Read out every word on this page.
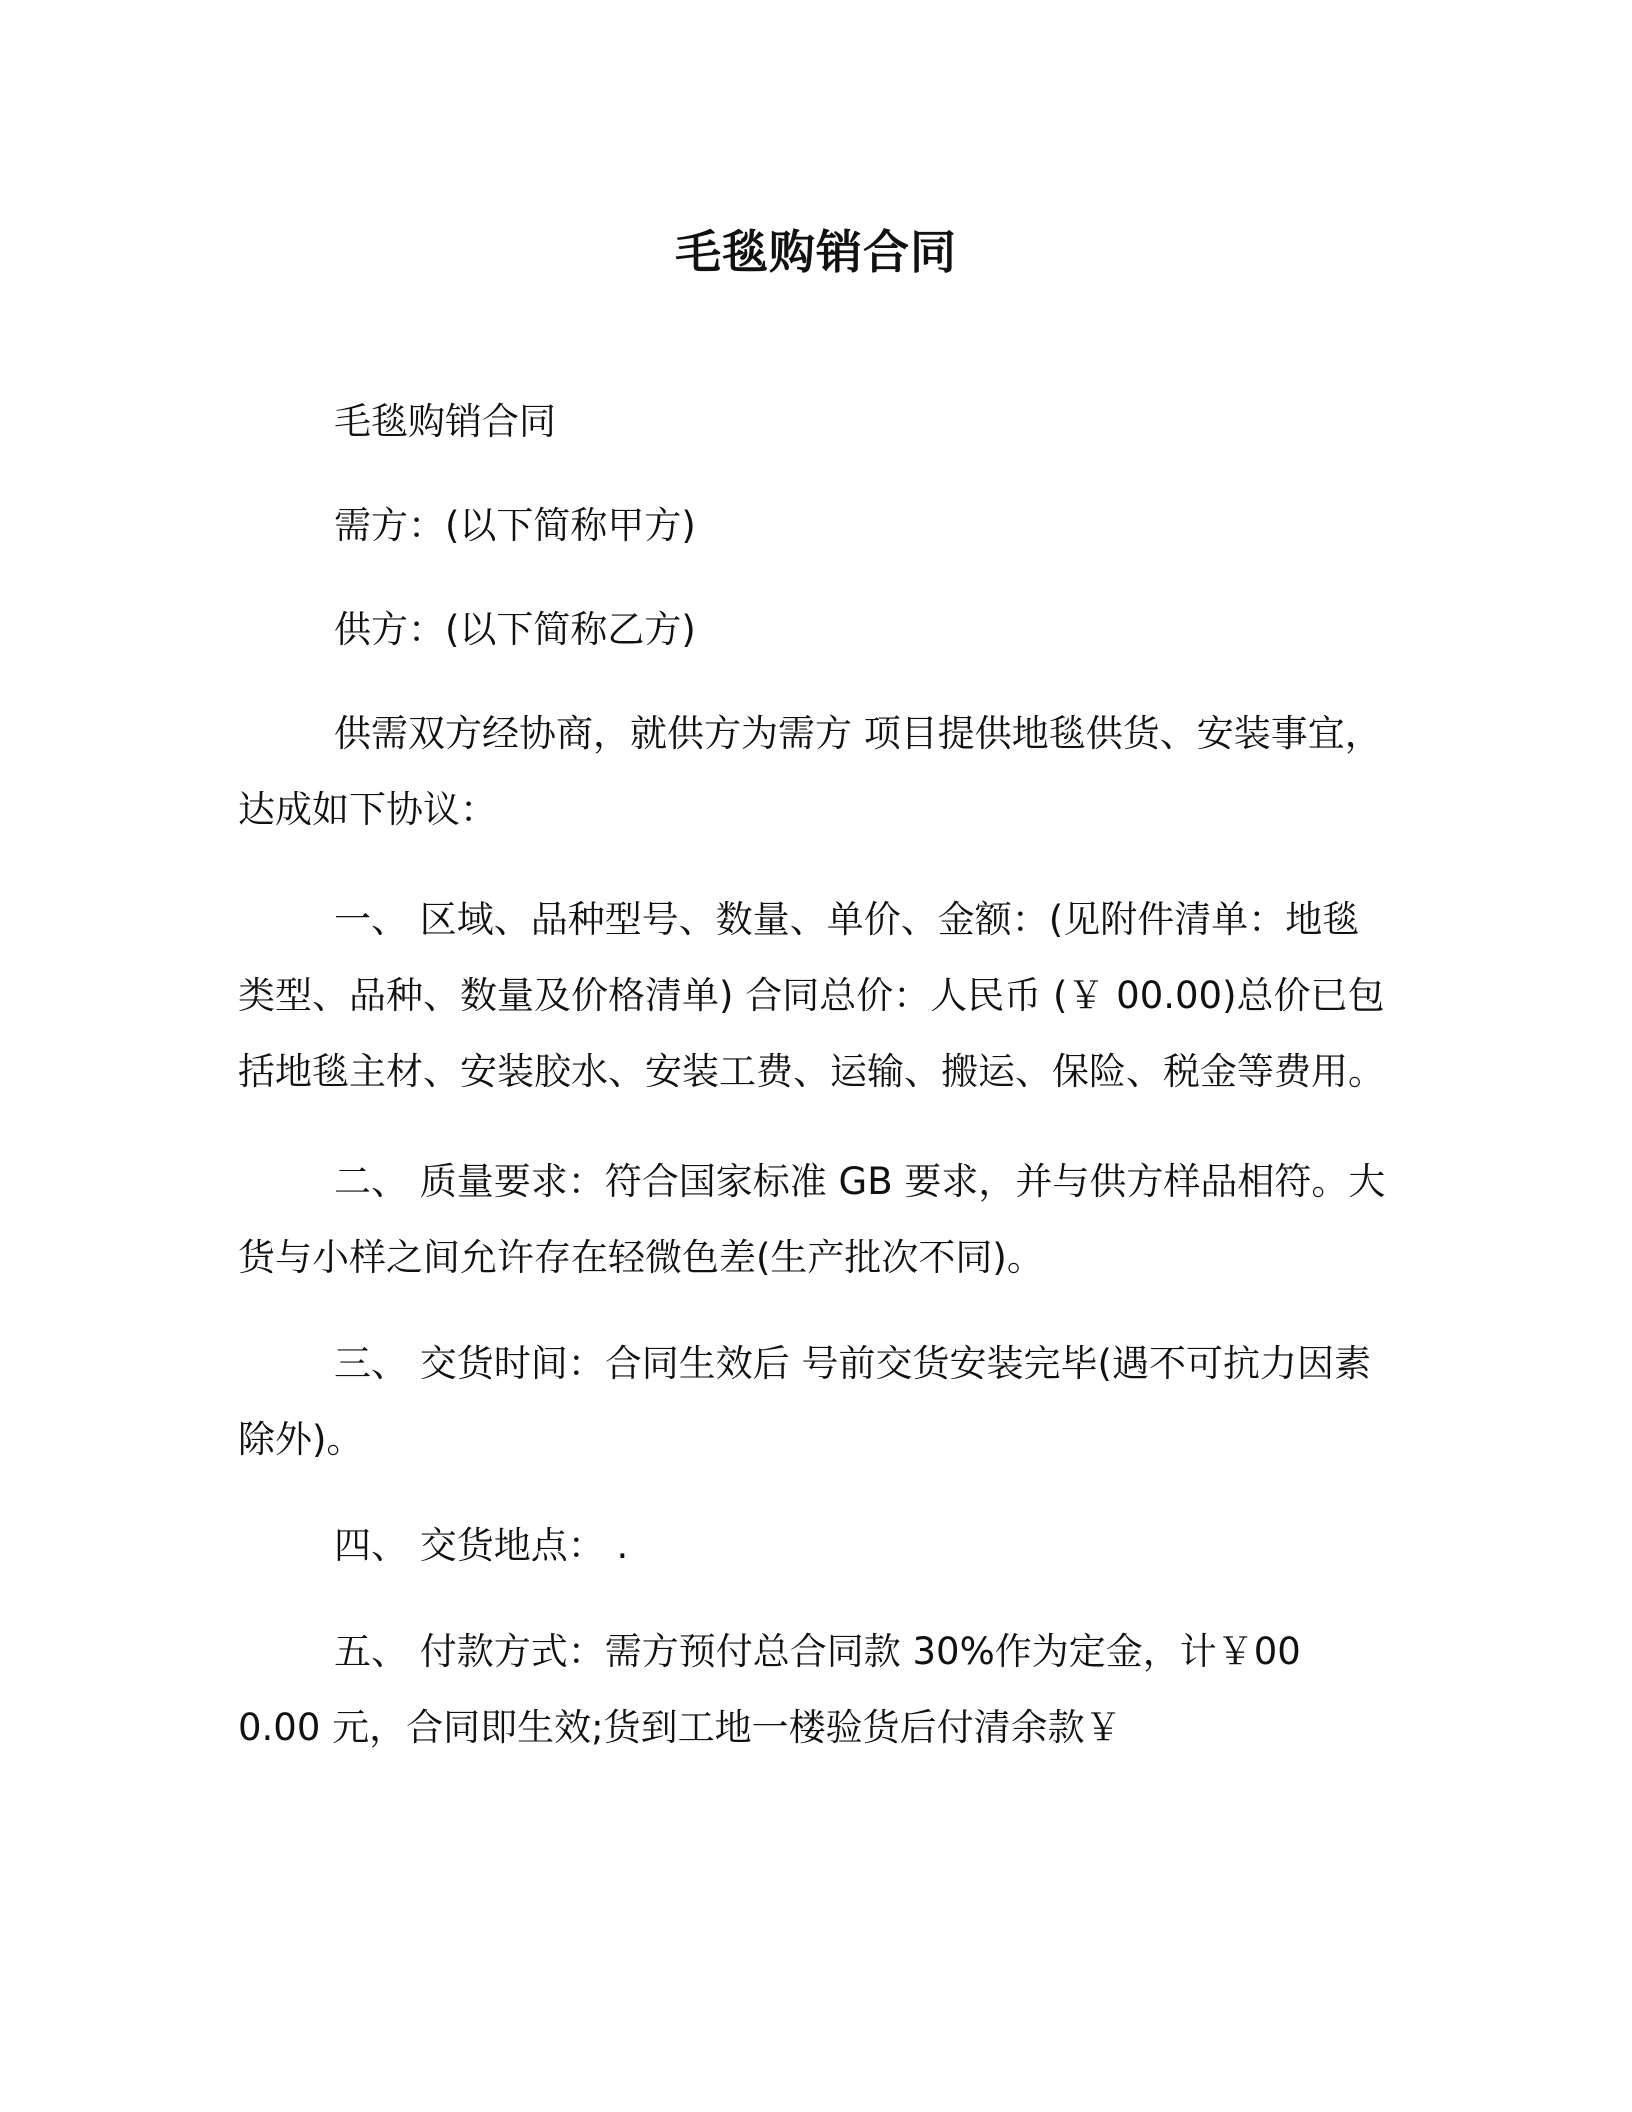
毛毯购销合同

毛毯购销合同

需方：(以下简称甲方)

供方：(以下简称乙方)

供需双方经协商，就供方为需方 项目提供地毯供货、安装事宜，达成如下协议：

一、 区域、品种型号、数量、单价、金额：(见附件清单：地毯类型、品种、数量及价格清单) 合同总价：人民币 (￥ 00.00)总价已包括地毯主材、安装胶水、安装工费、运输、搬运、保险、税金等费用。

二、 质量要求：符合国家标准 GB 要求，并与供方样品相符。大货与小样之间允许存在轻微色差(生产批次不同)。

三、 交货时间：合同生效后 号前交货安装完毕(遇不可抗力因素除外)。

四、 交货地点： .

五、 付款方式：需方预付总合同款 30%作为定金，计￥00 0.00 元，合同即生效;货到工地一楼验货后付清余款￥
